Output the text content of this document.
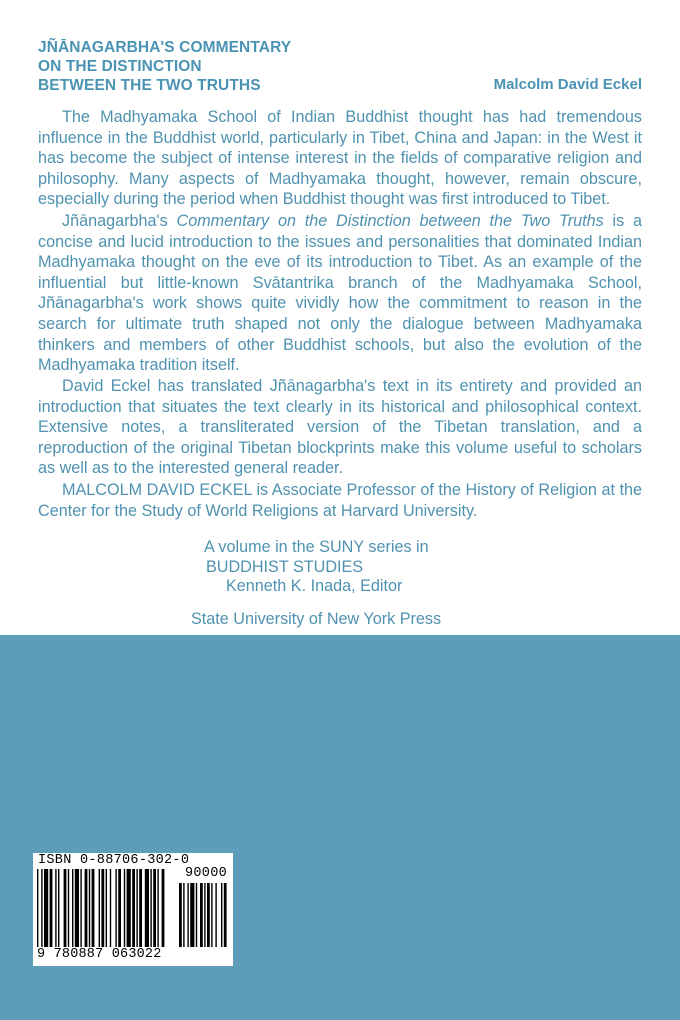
JÑĀNAGARBHA'S COMMENTARY
ON THE DISTINCTION
BETWEEN THE TWO TRUTHS	Malcolm David Eckel

The Madhyamaka School of Indian Buddhist thought has had tremendous influence in the Buddhist world, particularly in Tibet, China and Japan: in the West it has become the subject of intense interest in the fields of comparative religion and philosophy. Many aspects of Madhyamaka thought, however, remain obscure, especially during the period when Buddhist thought was first introduced to Tibet.

Jñānagarbha's Commentary on the Distinction between the Two Truths is a concise and lucid introduction to the issues and personalities that dominated Indian Madhyamaka thought on the eve of its introduction to Tibet. As an example of the influential but little-known Svātantrika branch of the Madhyamaka School, Jñānagarbha's work shows quite vividly how the commitment to reason in the search for ultimate truth shaped not only the dialogue between Madhyamaka thinkers and members of other Buddhist schools, but also the evolution of the Madhyamaka tradition itself.

David Eckel has translated Jñānagarbha's text in its entirety and provided an introduction that situates the text clearly in its historical and philosophical context. Extensive notes, a transliterated version of the Tibetan translation, and a reproduction of the original Tibetan blockprints make this volume useful to scholars as well as to the interested general reader.

MALCOLM DAVID ECKEL is Associate Professor of the History of Religion at the Center for the Study of World Religions at Harvard University.

A volume in the SUNY series in
BUDDHIST STUDIES
Kenneth K. Inada, Editor
State University of New York Press
ISBN 0-88706-302-0
90000
9 780887 063022
